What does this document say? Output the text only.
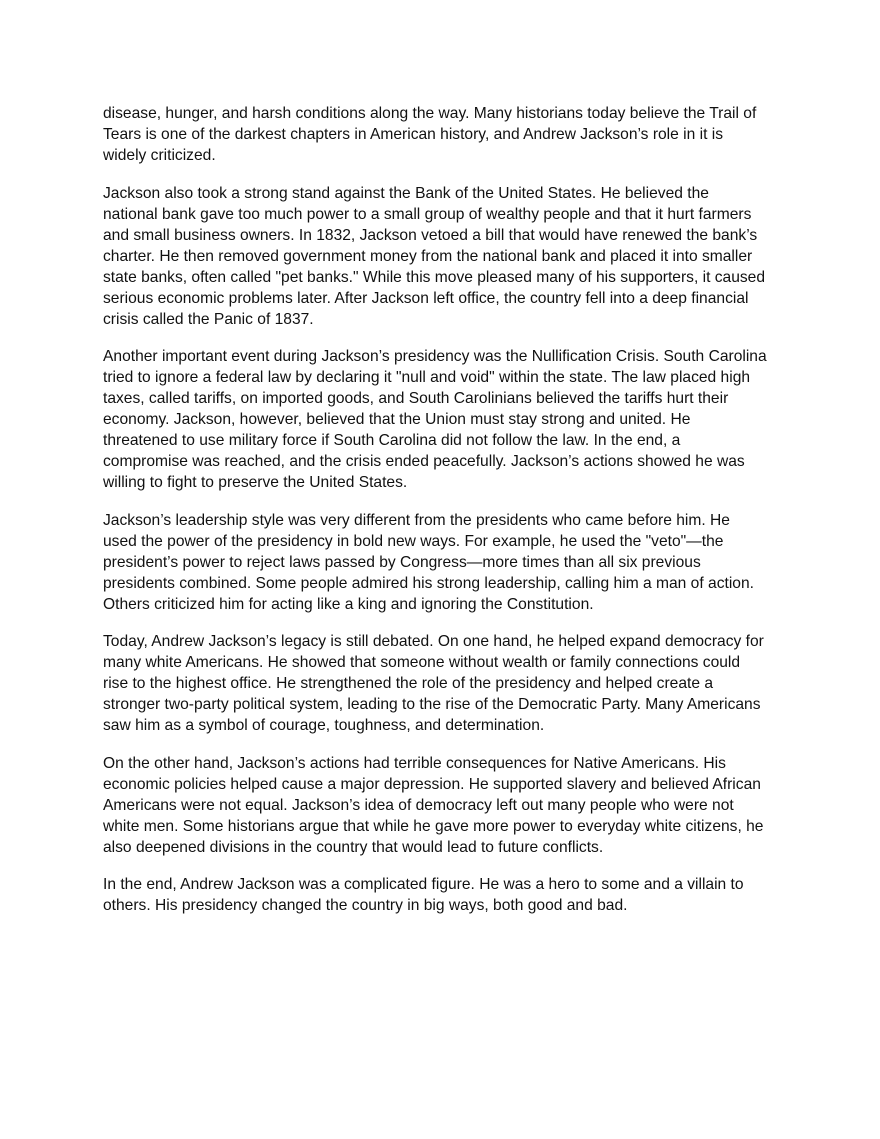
disease, hunger, and harsh conditions along the way. Many historians today believe the Trail of
Tears is one of the darkest chapters in American history, and Andrew Jackson’s role in it is
widely criticized.

Jackson also took a strong stand against the Bank of the United States. He believed the
national bank gave too much power to a small group of wealthy people and that it hurt farmers
and small business owners. In 1832, Jackson vetoed a bill that would have renewed the bank’s
charter. He then removed government money from the national bank and placed it into smaller
state banks, often called "pet banks." While this move pleased many of his supporters, it caused
serious economic problems later. After Jackson left office, the country fell into a deep financial
crisis called the Panic of 1837.

Another important event during Jackson’s presidency was the Nullification Crisis. South Carolina
tried to ignore a federal law by declaring it "null and void" within the state. The law placed high
taxes, called tariffs, on imported goods, and South Carolinians believed the tariffs hurt their
economy. Jackson, however, believed that the Union must stay strong and united. He
threatened to use military force if South Carolina did not follow the law. In the end, a
compromise was reached, and the crisis ended peacefully. Jackson’s actions showed he was
willing to fight to preserve the United States.

Jackson’s leadership style was very different from the presidents who came before him. He
used the power of the presidency in bold new ways. For example, he used the "veto"—the
president’s power to reject laws passed by Congress—more times than all six previous
presidents combined. Some people admired his strong leadership, calling him a man of action.
Others criticized him for acting like a king and ignoring the Constitution.

Today, Andrew Jackson’s legacy is still debated. On one hand, he helped expand democracy for
many white Americans. He showed that someone without wealth or family connections could
rise to the highest office. He strengthened the role of the presidency and helped create a
stronger two-party political system, leading to the rise of the Democratic Party. Many Americans
saw him as a symbol of courage, toughness, and determination.

On the other hand, Jackson’s actions had terrible consequences for Native Americans. His
economic policies helped cause a major depression. He supported slavery and believed African
Americans were not equal. Jackson’s idea of democracy left out many people who were not
white men. Some historians argue that while he gave more power to everyday white citizens, he
also deepened divisions in the country that would lead to future conflicts.

In the end, Andrew Jackson was a complicated figure. He was a hero to some and a villain to
others. His presidency changed the country in big ways, both good and bad.
